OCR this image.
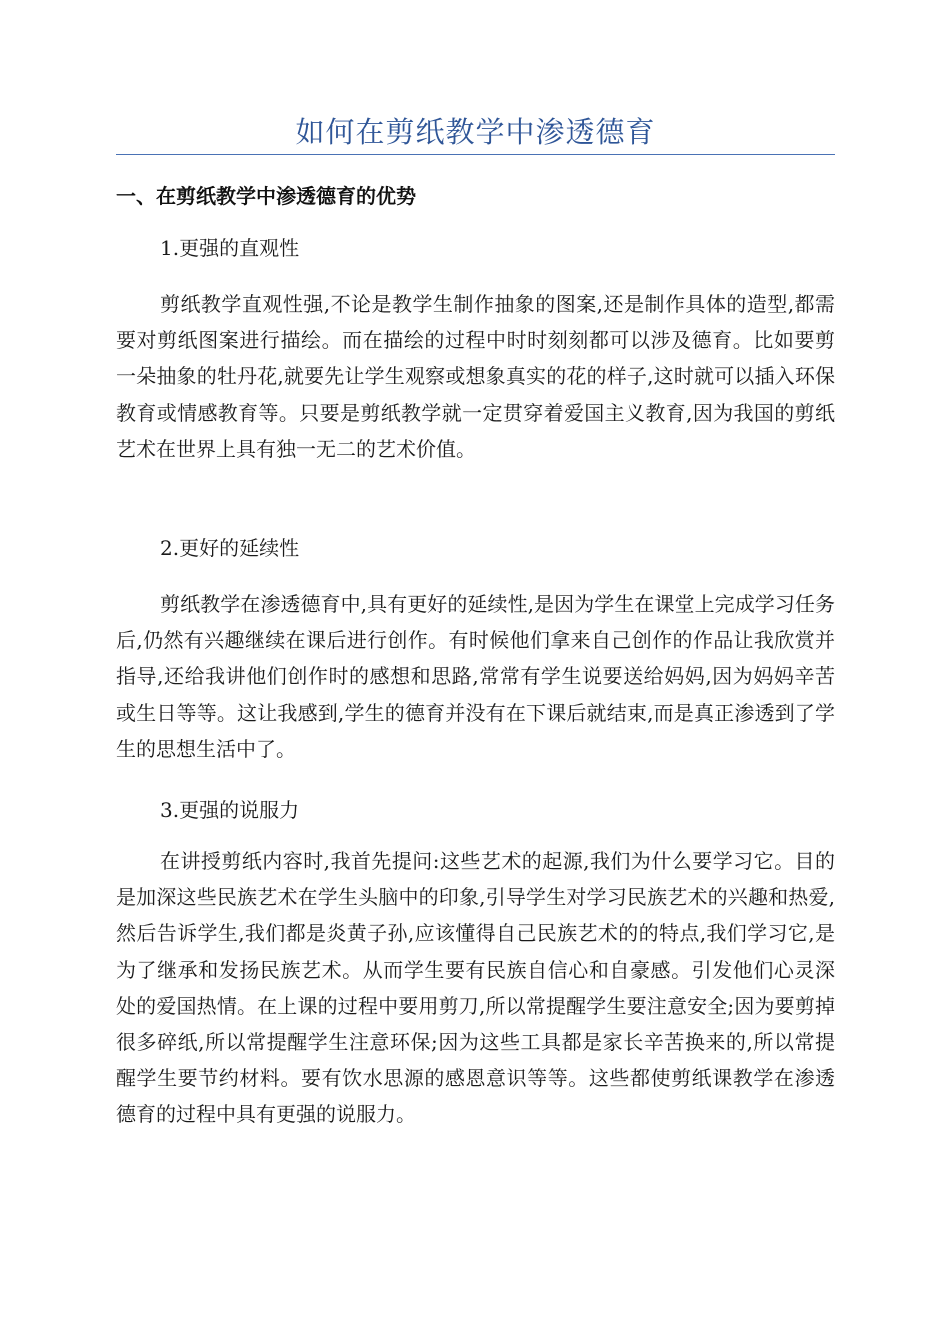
如何在剪纸教学中渗透德育
一、在剪纸教学中渗透德育的优势
1.更强的直观性
剪纸教学直观性强,不论是教学生制作抽象的图案,还是制作具体的造型,都需要对剪纸图案进行描绘。而在描绘的过程中时时刻刻都可以涉及德育。比如要剪一朵抽象的牡丹花,就要先让学生观察或想象真实的花的样子,这时就可以插入环保教育或情感教育等。只要是剪纸教学就一定贯穿着爱国主义教育,因为我国的剪纸艺术在世界上具有独一无二的艺术价值。
2.更好的延续性
剪纸教学在渗透德育中,具有更好的延续性,是因为学生在课堂上完成学习任务后,仍然有兴趣继续在课后进行创作。有时候他们拿来自己创作的作品让我欣赏并指导,还给我讲他们创作时的感想和思路,常常有学生说要送给妈妈,因为妈妈辛苦或生日等等。这让我感到,学生的德育并没有在下课后就结束,而是真正渗透到了学生的思想生活中了。
3.更强的说服力
在讲授剪纸内容时,我首先提问:这些艺术的起源,我们为什么要学习它。目的是加深这些民族艺术在学生头脑中的印象,引导学生对学习民族艺术的兴趣和热爱,然后告诉学生,我们都是炎黄子孙,应该懂得自己民族艺术的的特点,我们学习它,是为了继承和发扬民族艺术。从而学生要有民族自信心和自豪感。引发他们心灵深处的爱国热情。在上课的过程中要用剪刀,所以常提醒学生要注意安全;因为要剪掉很多碎纸,所以常提醒学生注意环保;因为这些工具都是家长辛苦换来的,所以常提醒学生要节约材料。要有饮水思源的感恩意识等等。这些都使剪纸课教学在渗透德育的过程中具有更强的说服力。
